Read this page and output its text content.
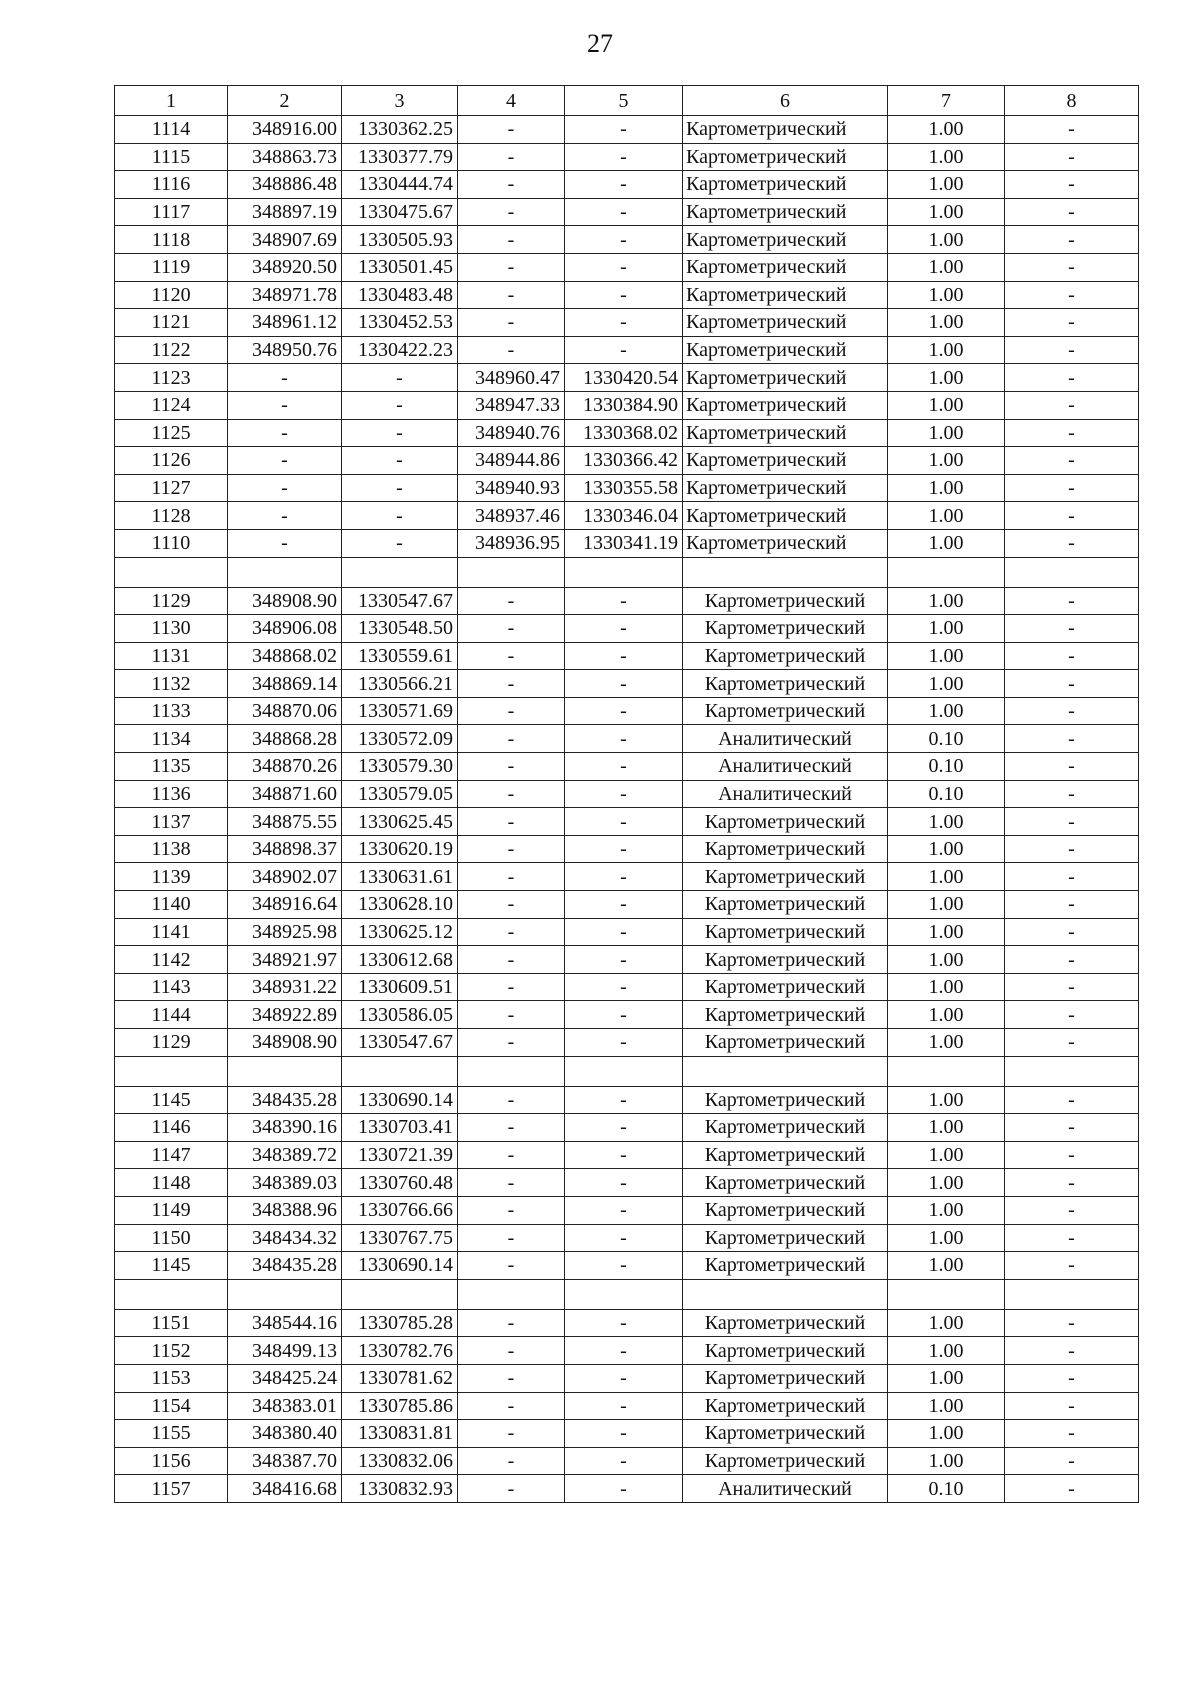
27
1	2	3	4	5	6	7	8
1114	348916.00	1330362.25	-	-	Картометрический	1.00	-
1115	348863.73	1330377.79	-	-	Картометрический	1.00	-
1116	348886.48	1330444.74	-	-	Картометрический	1.00	-
1117	348897.19	1330475.67	-	-	Картометрический	1.00	-
1118	348907.69	1330505.93	-	-	Картометрический	1.00	-
1119	348920.50	1330501.45	-	-	Картометрический	1.00	-
1120	348971.78	1330483.48	-	-	Картометрический	1.00	-
1121	348961.12	1330452.53	-	-	Картометрический	1.00	-
1122	348950.76	1330422.23	-	-	Картометрический	1.00	-
1123	-	-	348960.47	1330420.54	Картометрический	1.00	-
1124	-	-	348947.33	1330384.90	Картометрический	1.00	-
1125	-	-	348940.76	1330368.02	Картометрический	1.00	-
1126	-	-	348944.86	1330366.42	Картометрический	1.00	-
1127	-	-	348940.93	1330355.58	Картометрический	1.00	-
1128	-	-	348937.46	1330346.04	Картометрический	1.00	-
1110	-	-	348936.95	1330341.19	Картометрический	1.00	-

1129	348908.90	1330547.67	-	-	Картометрический	1.00	-
1130	348906.08	1330548.50	-	-	Картометрический	1.00	-
1131	348868.02	1330559.61	-	-	Картометрический	1.00	-
1132	348869.14	1330566.21	-	-	Картометрический	1.00	-
1133	348870.06	1330571.69	-	-	Картометрический	1.00	-
1134	348868.28	1330572.09	-	-	Аналитический	0.10	-
1135	348870.26	1330579.30	-	-	Аналитический	0.10	-
1136	348871.60	1330579.05	-	-	Аналитический	0.10	-
1137	348875.55	1330625.45	-	-	Картометрический	1.00	-
1138	348898.37	1330620.19	-	-	Картометрический	1.00	-
1139	348902.07	1330631.61	-	-	Картометрический	1.00	-
1140	348916.64	1330628.10	-	-	Картометрический	1.00	-
1141	348925.98	1330625.12	-	-	Картометрический	1.00	-
1142	348921.97	1330612.68	-	-	Картометрический	1.00	-
1143	348931.22	1330609.51	-	-	Картометрический	1.00	-
1144	348922.89	1330586.05	-	-	Картометрический	1.00	-
1129	348908.90	1330547.67	-	-	Картометрический	1.00	-

1145	348435.28	1330690.14	-	-	Картометрический	1.00	-
1146	348390.16	1330703.41	-	-	Картометрический	1.00	-
1147	348389.72	1330721.39	-	-	Картометрический	1.00	-
1148	348389.03	1330760.48	-	-	Картометрический	1.00	-
1149	348388.96	1330766.66	-	-	Картометрический	1.00	-
1150	348434.32	1330767.75	-	-	Картометрический	1.00	-
1145	348435.28	1330690.14	-	-	Картометрический	1.00	-

1151	348544.16	1330785.28	-	-	Картометрический	1.00	-
1152	348499.13	1330782.76	-	-	Картометрический	1.00	-
1153	348425.24	1330781.62	-	-	Картометрический	1.00	-
1154	348383.01	1330785.86	-	-	Картометрический	1.00	-
1155	348380.40	1330831.81	-	-	Картометрический	1.00	-
1156	348387.70	1330832.06	-	-	Картометрический	1.00	-
1157	348416.68	1330832.93	-	-	Аналитический	0.10	-
